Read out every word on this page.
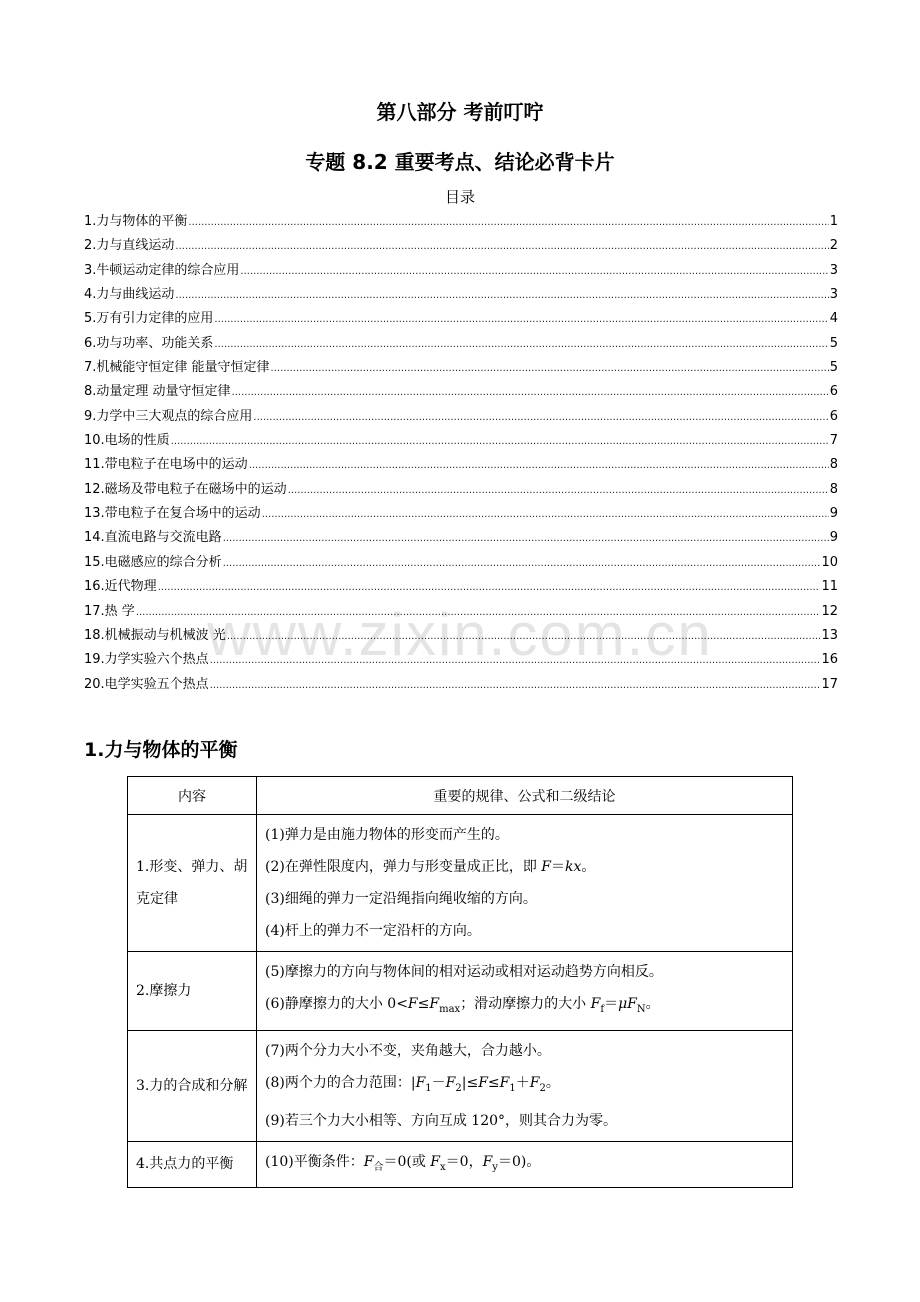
www.zixin.com.cn
第八部分 考前叮咛
专题 8.2 重要考点、结论必背卡片
目录
1.力与物体的平衡 .....	1
2.力与直线运动 .....	2
3.牛顿运动定律的综合应用 .....	3
4.力与曲线运动 .....	3
5.万有引力定律的应用 .....	4
6.功与功率、功能关系 .....	5
7.机械能守恒定律 能量守恒定律 .....	5
8.动量定理 动量守恒定律 .....	6
9.力学中三大观点的综合应用 .....	6
10.电场的性质 .....	7
11.带电粒子在电场中的运动 .....	8
12.磁场及带电粒子在磁场中的运动 .....	8
13.带电粒子在复合场中的运动 .....	9
14.直流电路与交流电路 .....	9
15.电磁感应的综合分析 .....	10
16.近代物理 .....	11
17.热 学 .....	12
18.机械振动与机械波 光 .....	13
19.力学实验六个热点 .....	16
20.电学实验五个热点 .....	17
1.力与物体的平衡
内容	重要的规律、公式和二级结论
1.形变、弹力、胡克定律	(1)弹力是由施力物体的形变而产生的。
(2)在弹性限度内，弹力与形变量成正比，即 F＝kx。
(3)细绳的弹力一定沿绳指向绳收缩的方向。
(4)杆上的弹力不一定沿杆的方向。

2.摩擦力	(5)摩擦力的方向与物体间的相对运动或相对运动趋势方向相反。
(6)静摩擦力的大小 $0<F\le F_{max}$；滑动摩擦力的大小 $F_f=\mu F_N$。

3.力的合成和分解	(7)两个分力大小不变，夹角越大，合力越小。
(8)两个力的合力范围：$|F_1-F_2|\le F\le F_1+F_2$。
(9)若三个力大小相等、方向互成 120°，则其合力为零。

4.共点力的平衡	(10)平衡条件：$F_合=0$(或 $F_x=0$，$F_y=0$)。
